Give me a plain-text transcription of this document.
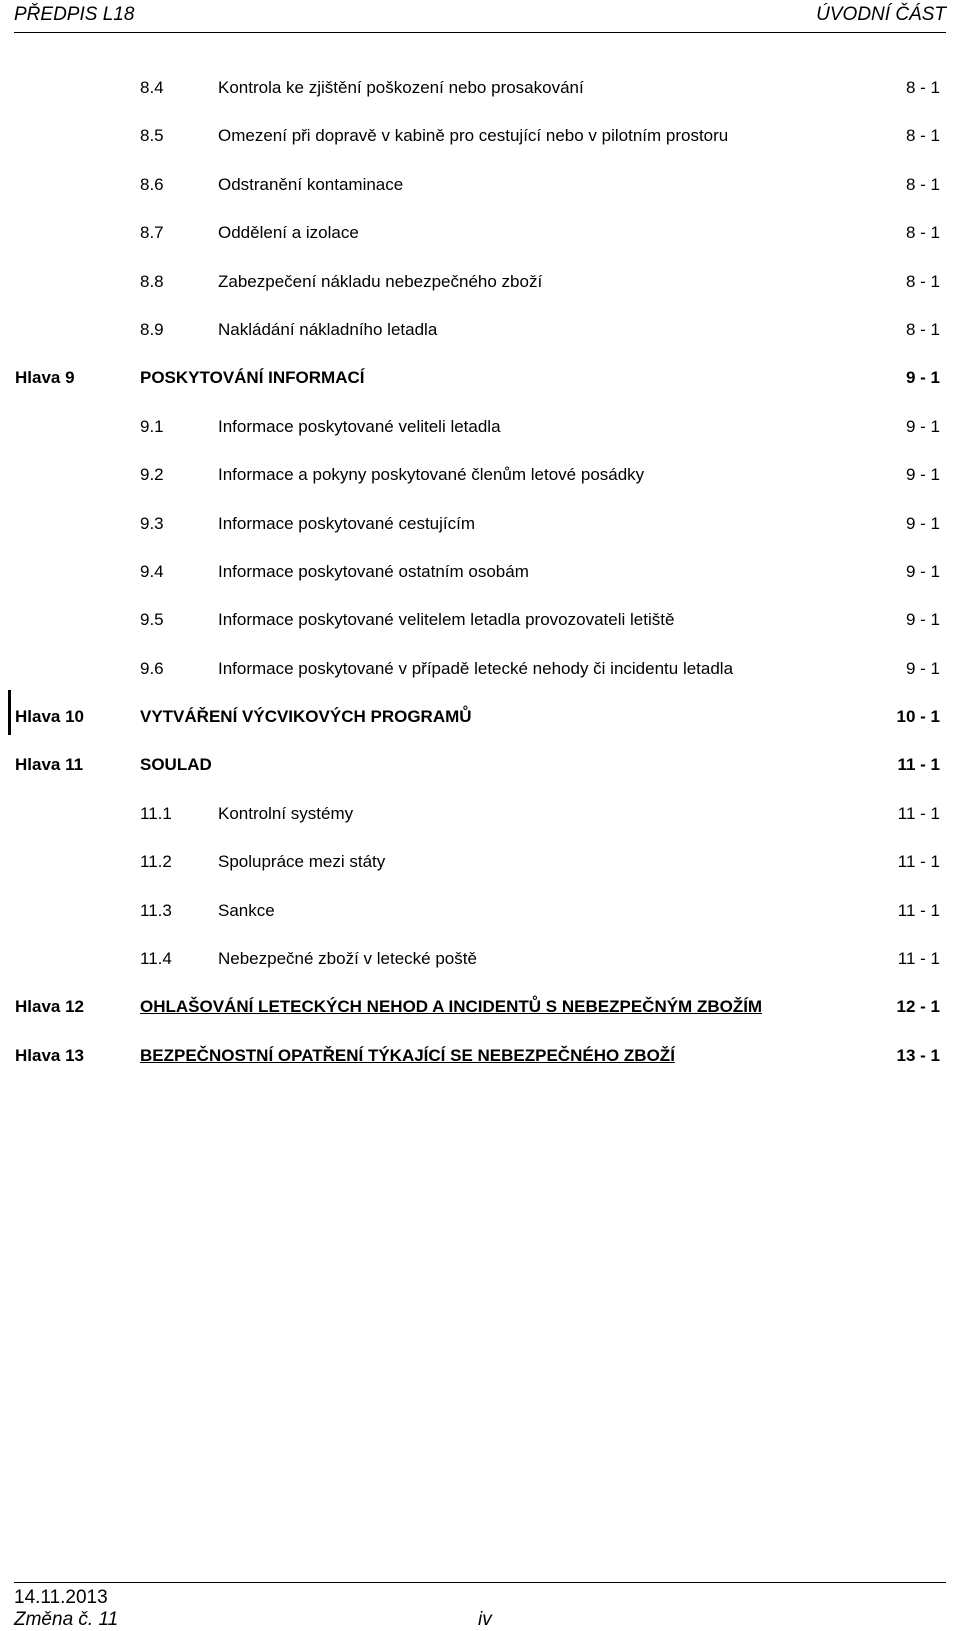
PŘEDPIS L18	ÚVODNÍ ČÁST
8.4	Kontrola ke zjištění poškození nebo prosakování	8 - 1
8.5	Omezení při dopravě v kabině pro cestující nebo v pilotním prostoru	8 - 1
8.6	Odstranění kontaminace	8 - 1
8.7	Oddělení a izolace	8 - 1
8.8	Zabezpečení nákladu nebezpečného zboží	8 - 1
8.9	Nakládání nákladního letadla	8 - 1
Hlava 9	POSKYTOVÁNÍ INFORMACÍ	9 - 1
9.1	Informace poskytované veliteli letadla	9 - 1
9.2	Informace a pokyny poskytované členům letové posádky	9 - 1
9.3	Informace poskytované cestujícím	9 - 1
9.4	Informace poskytované ostatním osobám	9 - 1
9.5	Informace poskytované velitelem letadla provozovateli letiště	9 - 1
9.6	Informace poskytované v případě letecké nehody či incidentu letadla	9 - 1
Hlava 10	VYTVÁŘENÍ VÝCVIKOVÝCH PROGRAMŮ	10 - 1
Hlava 11	SOULAD	11 - 1
11.1	Kontrolní systémy	11 - 1
11.2	Spolupráce mezi státy	11 - 1
11.3	Sankce	11 - 1
11.4	Nebezpečné zboží v letecké poště	11 - 1
Hlava 12	OHLAŠOVÁNÍ LETECKÝCH NEHOD A INCIDENTŮ S NEBEZPEČNÝM ZBOŽÍM	12 - 1
Hlava 13	BEZPEČNOSTNÍ OPATŘENÍ TÝKAJÍCÍ SE NEBEZPEČNÉHO ZBOŽÍ	13 - 1
14.11.2013
Změna č. 11	iv
